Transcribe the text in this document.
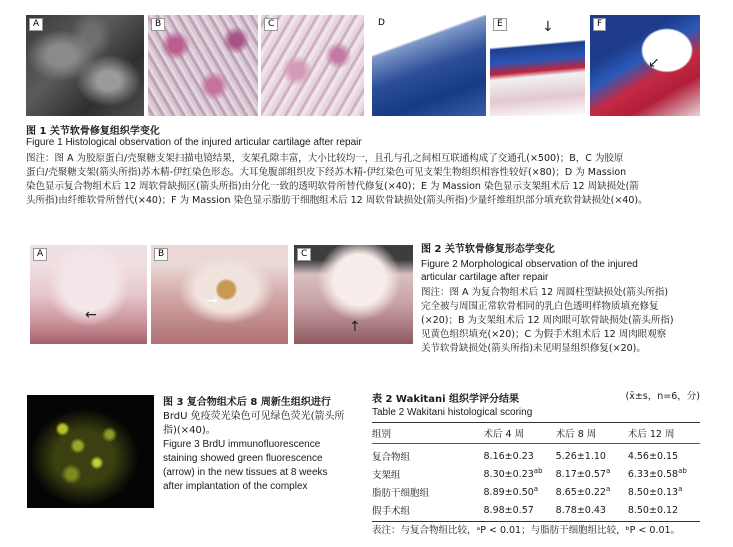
A	B	C	D	E	↓	F
↙
图 1 关节软骨修复组织学变化
Figure 1 Histological observation of the injured articular cartilage after repair
图注：图 A 为胶原蛋白/壳聚糖支架扫描电镜结果，支架孔隙丰富，大小比较均一，且孔与孔之间相互联通构成了交通孔(×500)；B，C 为胶原
蛋白/壳聚糖支架(箭头所指)苏木精-伊红染色形态。大耳兔腹部组织皮下经苏木精-伊红染色可见支架生物组织相容性较好(×80)；D 为 Massion
染色显示复合物组术后 12 周软骨缺损区(箭头所指)由分化一致的透明软骨所替代修复(×40)；E 为 Massion 染色显示支架组术后 12 周缺损处(箭
头所指)由纤维软骨所替代(×40)；F 为 Massion 染色显示脂肪干细胞组术后 12 周软骨缺损处(箭头所指)少量纤维组织部分填充软骨缺损处(×40)。
A
←
B
→
C
↑
图 2 关节软骨修复形态学变化
Figure 2 Morphological observation of the injured
articular cartilage after repair
图注：图 A 为复合物组术后 12 周圆柱型缺损处(箭头所指)
完全被与周围正常软骨相同的乳白色透明样物质填充修复
(×20)；B 为支架组术后 12 周肉眼可软骨缺损处(箭头所指)
见黄色组织填充(×20)；C 为假手术组术后 12 周肉眼观察
关节软骨缺损处(箭头所指)未见明显组织修复(×20)。
图 3 复合物组术后 8 周新生组织进行
BrdU 免疫荧光染色可见绿色荧光(箭头所
指)(×40)。
Figure 3 BrdU immunofluorescence
staining showed green fluorescence
(arrow) in the new tissues at 8 weeks
after implantation of the complex
表 2 Wakitani 组织学评分结果	(x̄±s，n=6，分)
Table 2 Wakitani histological scoring
组别	术后 4 周	术后 8 周	术后 12 周

复合物组	8.16±0.23	5.26±1.10	4.56±0.15
支架组	8.30±0.23$^{ab}$	8.17±0.57$^a$	6.33±0.58$^{ab}$
脂肪干细胞组	8.89±0.50$^a$	8.65±0.22$^a$	8.50±0.13$^a$
假手术组	8.98±0.57	8.78±0.43	8.50±0.12
表注：与复合物组比较，ᵃP < 0.01；与脂肪干细胞组比较，ᵇP < 0.01。
